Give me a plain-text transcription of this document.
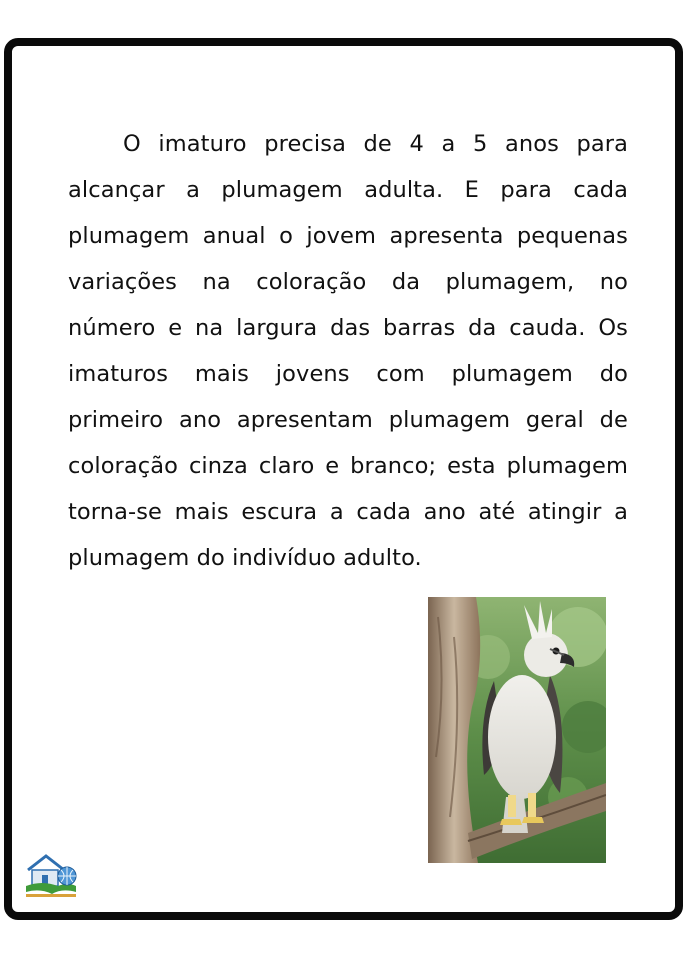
O imaturo precisa de 4 a 5 anos para alcançar a plumagem adulta. E para cada plumagem anual o jovem apresenta pequenas variações na coloração da plumagem, no número e na largura das barras da cauda. Os imaturos mais jovens com plumagem do primeiro ano apresentam plumagem geral de coloração cinza claro e branco; esta plumagem torna-se mais escura a cada ano até atingir a plumagem do indivíduo adulto.
